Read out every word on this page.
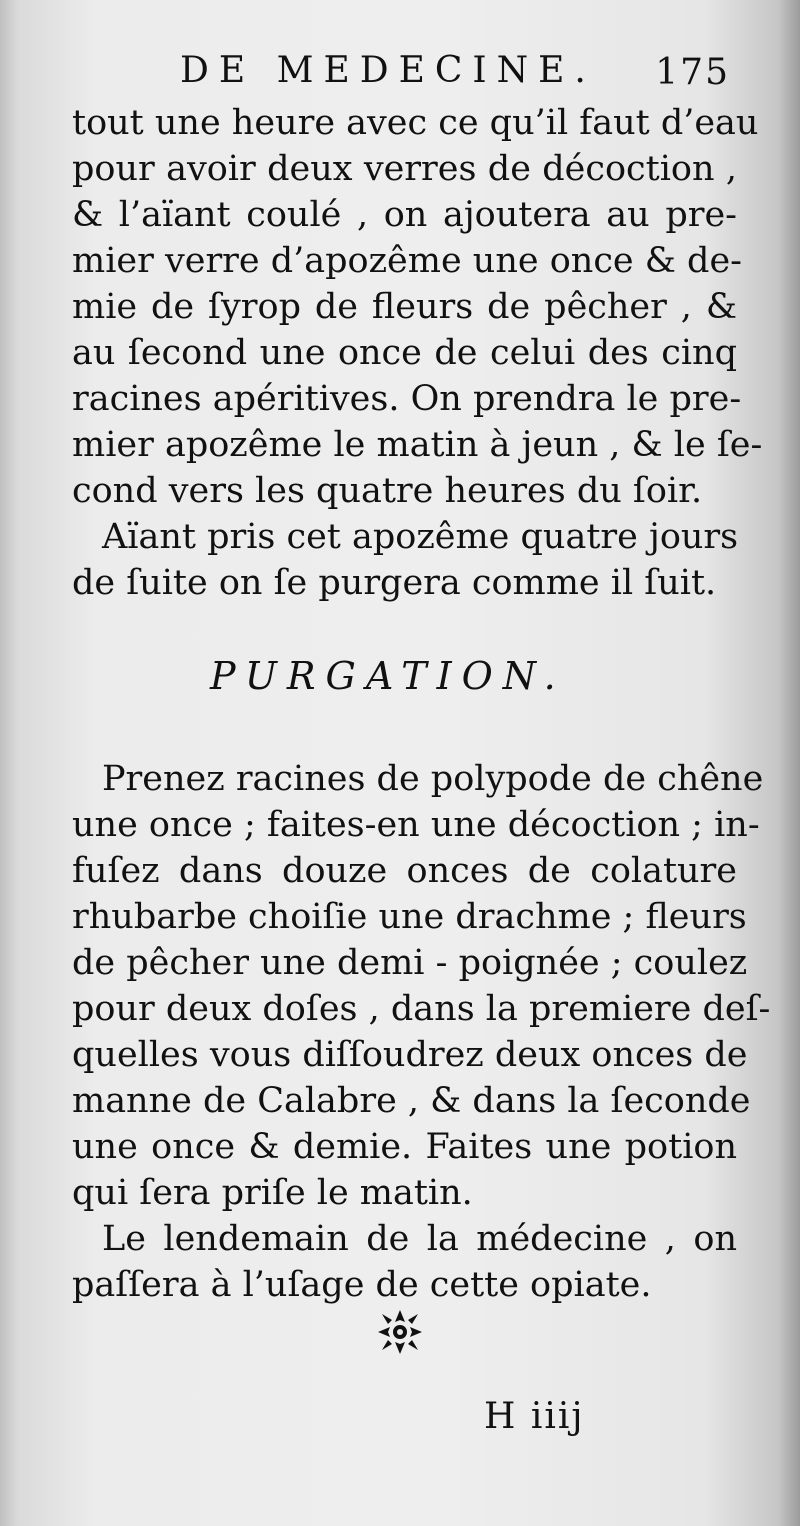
DE MEDECINE. 175
tout une heure avec ce qu’il faut d’eau
pour avoir deux verres de décoction ,
& l’aïant coulé , on ajoutera au pre-
mier verre d’apozême une once & de-
mie de ſyrop de fleurs de pêcher , &
au ſecond une once de celui des cinq
racines apéritives. On prendra le pre-
mier apozême le matin à jeun , & le ſe-
cond vers les quatre heures du ſoir.
Aïant pris cet apozême quatre jours
de ſuite on ſe purgera comme il ſuit.
PURGATION.
Prenez racines de polypode de chêne
une once ; faites-en une décoction ; in-
fuſez dans douze onces de colature
rhubarbe choiſie une drachme ; fleurs
de pêcher une demi - poignée ; coulez
pour deux doſes , dans la premiere deſ-
quelles vous diſſoudrez deux onces de
manne de Calabre , & dans la ſeconde
une once & demie. Faites une potion
qui ſera priſe le matin.
Le lendemain de la médecine , on
paſſera à l’uſage de cette opiate.
H iiij
